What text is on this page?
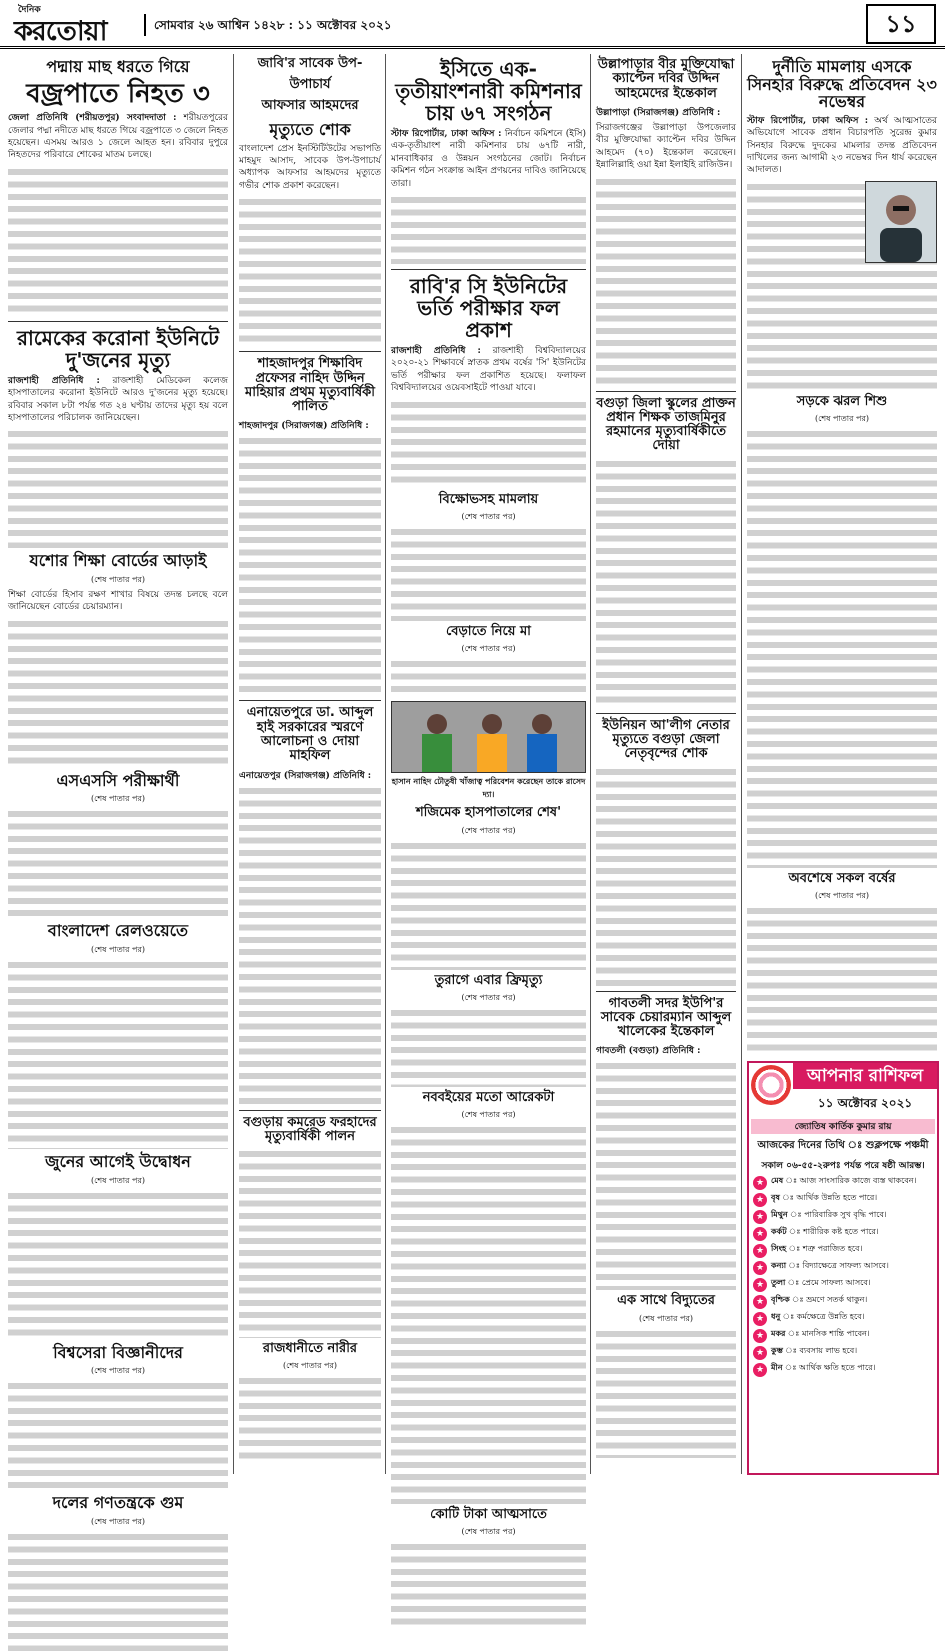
দৈনিক
করতোয়া	সোমবার ২৬ আশ্বিন ১৪২৮ : ১১ অক্টোবর ২০২১	১১
পদ্মায় মাছ ধরতে গিয়ে
বজ্রপাতে নিহত ৩

জেলা প্রতিনিধি (শরীয়তপুর) সংবাদদাতা : শরীয়তপুরের জেলার পদ্মা নদীতে মাছ ধরতে গিয়ে বজ্রপাতে ৩ জেলে নিহত হয়েছেন। এসময় আরও ১ জেলে আহত হন। রবিবার দুপুরে নিহতদের পরিবারে শোকের মাতম চলছে।

রামেকের করোনা ইউনিটে দু'জনের মৃত্যু

রাজশাহী প্রতিনিধি : রাজশাহী মেডিকেল কলেজ হাসপাতালের করোনা ইউনিটে আরও দু'জনের মৃত্যু হয়েছে। রবিবার সকাল ৮টা পর্যন্ত গত ২৪ ঘণ্টায় তাদের মৃত্যু হয় বলে হাসপাতালের পরিচালক জানিয়েছেন।

যশোর শিক্ষা বোর্ডের আড়াই
(শেষ পাতার পর)

শিক্ষা বোর্ডের হিসাব রক্ষণ শাখার বিষয়ে তদন্ত চলছে বলে জানিয়েছেন বোর্ডের চেয়ারম্যান।

এসএসসি পরীক্ষার্থী
(শেষ পাতার পর)
বাংলাদেশ রেলওয়েতে
(শেষ পাতার পর)
জুনের আগেই উদ্বোধন
(শেষ পাতার পর)
বিশ্বসেরা বিজ্ঞানীদের
(শেষ পাতার পর)
দলের গণতন্ত্রকে গুম
(শেষ পাতার পর)
জাবি'র সাবেক উপ-উপাচার্য
আফসার আহমদের
মৃত্যুতে শোক

বাংলাদেশ প্রেস ইনস্টিটিউটের সভাপতি মাহমুদ আসাদ, সাবেক উপ-উপাচার্য অধ্যাপক আফসার আহমদের মৃত্যুতে গভীর শোক প্রকাশ করেছেন।

শাহজাদপুর শিক্ষাবিদ প্রফেসর নাহিদ উদ্দিন মাহিয়ার প্রথম মৃত্যুবার্ষিকী পালিত
শাহজাদপুর (সিরাজগঞ্জ) প্রতিনিধি :
এনায়েতপুরে ডা. আব্দুল হাই সরকারের স্মরণে আলোচনা ও দোয়া মাহফিল
এনায়েতপুর (সিরাজগঞ্জ) প্রতিনিধি :
বগুড়ায় কমরেড ফরহাদের মৃত্যুবার্ষিকী পালন
রাজধানীতে নারীর
(শেষ পাতার পর)
ইসিতে এক-তৃতীয়াংশনারী কমিশনার চায় ৬৭ সংগঠন

স্টাফ রিপোর্টার, ঢাকা অফিস : নির্বাচন কমিশনে (ইসি) এক-তৃতীয়াংশ নারী কমিশনার চায় ৬৭টি নারী, মানবাধিকার ও উন্নয়ন সংগঠনের জোট। নির্বাচন কমিশন গঠন সংক্রান্ত আইন প্রণয়নের দাবিও জানিয়েছে তারা।

রাবি'র সি ইউনিটের ভর্তি পরীক্ষার ফল প্রকাশ

রাজশাহী প্রতিনিধি : রাজশাহী বিশ্ববিদ্যালয়ের ২০২০-২১ শিক্ষাবর্ষে স্নাতক প্রথম বর্ষের 'সি' ইউনিটের ভর্তি পরীক্ষার ফল প্রকাশিত হয়েছে। ফলাফল বিশ্ববিদ্যালয়ের ওয়েবসাইটে পাওয়া যাবে।

বিক্ষোভসহ মামলায়
(শেষ পাতার পর)
বেড়াতে নিয়ে মা
(শেষ পাতার পর)
হাসান নাহিদ ঢৌতুষী খাঁজাত্ব পরিবেশন করেছেন তাকে রাসেদ দ্যা।
শজিমেক হাসপাতালের শেষ'
(শেষ পাতার পর)
তুরাগে এবার ফ্রিমৃত্যু
(শেষ পাতার পর)
নববইয়ের মতো আরেকটা
(শেষ পাতার পর)
কোটি টাকা আত্মসাতে
(শেষ পাতার পর)
উল্লাপাড়ার বীর মুক্তিযোদ্ধা ক্যাপ্টেন দবির উদ্দিন আহমেদের ইন্তেকাল
উল্লাপাড়া (সিরাজগঞ্জ) প্রতিনিধি :

সিরাজগঞ্জের উল্লাপাড়া উপজেলার বীর মুক্তিযোদ্ধা ক্যাপ্টেন দবির উদ্দিন আহমেদ (৭০) ইন্তেকাল করেছেন। ইন্নালিল্লাহি ওয়া ইন্না ইলাইহি রাজিউন।

বগুড়া জিলা স্কুলের প্রাক্তন প্রধান শিক্ষক তাজমিনুর রহমানের মৃত্যুবার্ষিকীতে দোয়া
ইউনিয়ন আ'লীগ নেতার মৃত্যুতে বগুড়া জেলা নেতৃবৃন্দের শোক
গাবতলী সদর ইউপি'র সাবেক চেয়ারম্যান আব্দুল খালেকের ইন্তেকাল
গাবতলী (বগুড়া) প্রতিনিধি :
এক সাথে বিদ্যুতের
(শেষ পাতার পর)
দুর্নীতি মামলায় এসকে সিনহার বিরুদ্ধে প্রতিবেদন ২৩ নভেম্বর

স্টাফ রিপোর্টার, ঢাকা অফিস : অর্থ আত্মসাতের অভিযোগে সাবেক প্রধান বিচারপতি সুরেন্দ্র কুমার সিনহার বিরুদ্ধে দুদকের মামলার তদন্ত প্রতিবেদন দাখিলের জন্য আগামী ২৩ নভেম্বর দিন ধার্য করেছেন আদালত।

সড়কে ঝরল শিশু
(শেষ পাতার পর)
অবশেষে সকল বর্ষের
(শেষ পাতার পর)
আপনার রাশিফল
১১ অক্টোবর ২০২১
জ্যোতিষ কার্তিক কুমার রায়
আজকের দিনের তিথি ঃ শুক্লপক্ষে পঞ্চমী
সকাল ০৬-৫৫-২রুপঃ পর্যন্ত পরে ষষ্ঠী আরম্ভ।
★ মেষ ঃ আজ সাংসারিক কাজে ব্যস্ত থাকবেন।
★ বৃষ ঃ আর্থিক উন্নতি হতে পারে।
★ মিথুন ঃ পারিবারিক সুখ বৃদ্ধি পাবে।
★ কর্কট ঃ শারীরিক কষ্ট হতে পারে।
★ সিংহ ঃ শত্রু পরাজিত হবে।
★ কন্যা ঃ বিদ্যাক্ষেত্রে সাফল্য আসবে।
★ তুলা ঃ প্রেমে সাফল্য আসবে।
★ বৃশ্চিক ঃ ভ্রমণে সতর্ক থাকুন।
★ ধনু ঃ কর্মক্ষেত্রে উন্নতি হবে।
★ মকর ঃ মানসিক শান্তি পাবেন।
★ কুম্ভ ঃ ব্যবসায় লাভ হবে।
★ মীন ঃ আর্থিক ক্ষতি হতে পারে।
